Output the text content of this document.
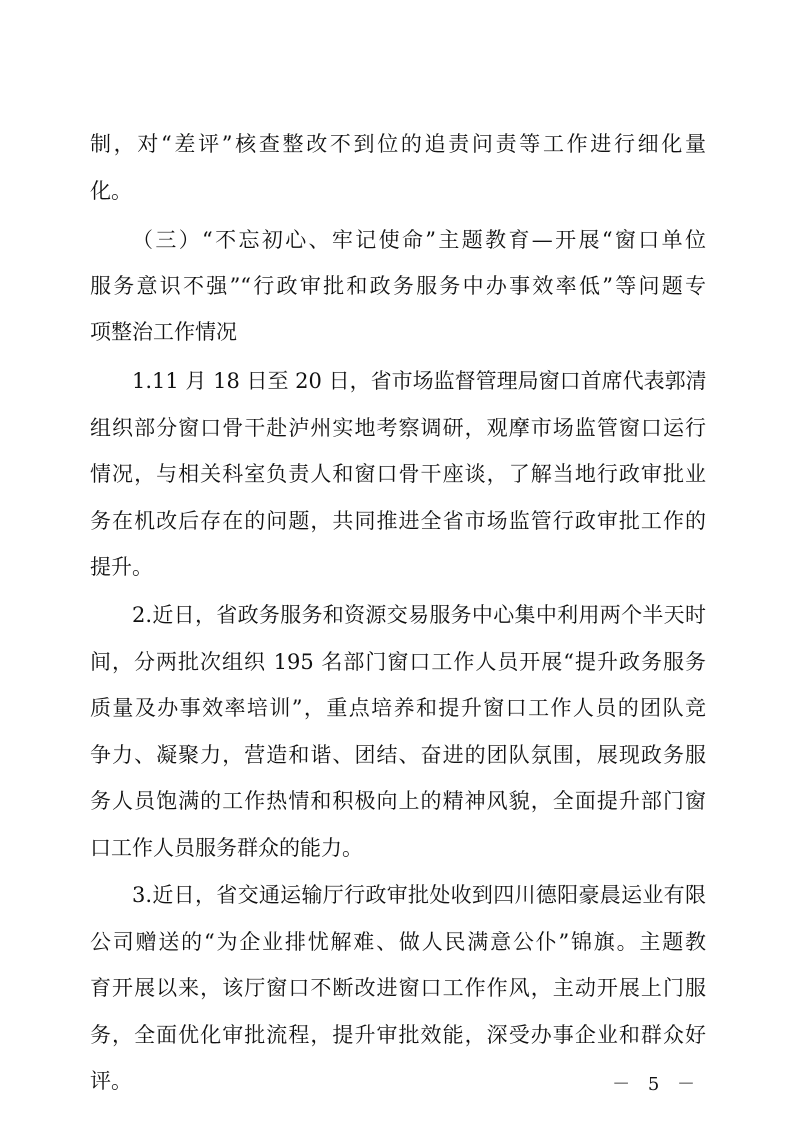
制，对“差评”核查整改不到位的追责问责等工作进行细化量
化。
（三）“不忘初心、牢记使命”主题教育—开展“窗口单位
服务意识不强”“行政审批和政务服务中办事效率低”等问题专
项整治工作情况
1.11 月 18 日至 20 日，省市场监督管理局窗口首席代表郭清
组织部分窗口骨干赴泸州实地考察调研，观摩市场监管窗口运行
情况，与相关科室负责人和窗口骨干座谈，了解当地行政审批业
务在机改后存在的问题，共同推进全省市场监管行政审批工作的
提升。
2.近日，省政务服务和资源交易服务中心集中利用两个半天时
间，分两批次组织 195 名部门窗口工作人员开展“提升政务服务
质量及办事效率培训”，重点培养和提升窗口工作人员的团队竞
争力、凝聚力，营造和谐、团结、奋进的团队氛围，展现政务服
务人员饱满的工作热情和积极向上的精神风貌，全面提升部门窗
口工作人员服务群众的能力。
3.近日，省交通运输厅行政审批处收到四川德阳豪晨运业有限
公司赠送的“为企业排忧解难、做人民满意公仆”锦旗。主题教
育开展以来，该厅窗口不断改进窗口工作作风，主动开展上门服
务，全面优化审批流程，提升审批效能，深受办事企业和群众好
评。	－ 5 －
